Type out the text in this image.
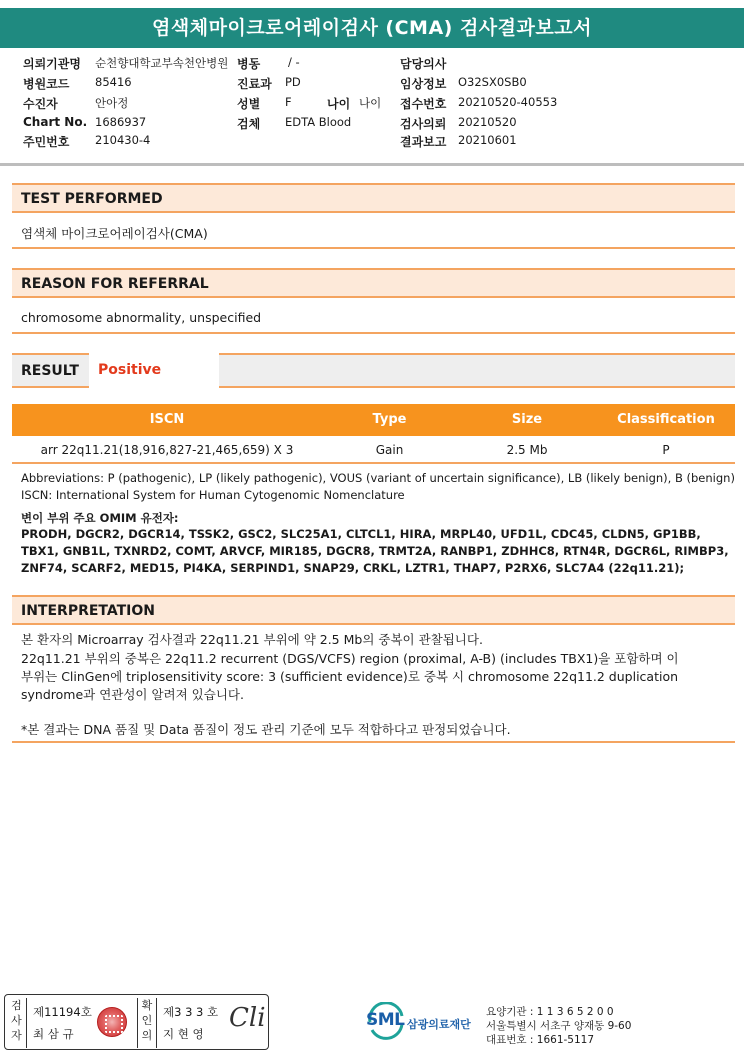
염색체마이크로어레이검사 (CMA) 검사결과보고서
의뢰기관명 순천향대학교부속천안병원 병동 / -	담당의사
병원코드 85416	진료과 PD	임상정보 O32SX0SB0
수진자	안아정	성별 F	나이 나이 접수번호 20210520-40553
Chart No. 1686937	검체 EDTA Blood	검사의뢰 20210520
주민번호 210430-4	결과보고 20210601
TEST PERFORMED
염색체 마이크로어레이검사(CMA)
REASON FOR REFERRAL
chromosome abnormality, unspecified
RESULT	Positive
ISCN	Type	Size	Classification
arr 22q11.21(18,916,827-21,465,659) X 3	Gain	2.5 Mb	P
Abbreviations: P (pathogenic), LP (likely pathogenic), VOUS (variant of uncertain significance), LB (likely benign), B (benign)
ISCN: International System for Human Cytogenomic Nomenclature
변이 부위 주요 OMIM 유전자:
PRODH, DGCR2, DGCR14, TSSK2, GSC2, SLC25A1, CLTCL1, HIRA, MRPL40, UFD1L, CDC45, CLDN5, GP1BB, TBX1, GNB1L, TXNRD2, COMT, ARVCF, MIR185, DGCR8, TRMT2A, RANBP1, ZDHHC8, RTN4R, DGCR6L, RIMBP3, ZNF74, SCARF2, MED15, PI4KA, SERPIND1, SNAP29, CRKL, LZTR1, THAP7, P2RX6, SLC7A4 (22q11.21);
INTERPRETATION
본 환자의 Microarray 검사결과 22q11.21 부위에 약 2.5 Mb의 중복이 관찰됩니다.
22q11.21 부위의 중복은 22q11.2 recurrent (DGS/VCFS) region (proximal, A-B) (includes TBX1)을 포함하며 이
부위는 ClinGen에 triplosensitivity score: 3 (sufficient evidence)로 중복 시 chromosome 22q11.2 duplication
syndrome과 연관성이 알려져 있습니다.
*본 결과는 DNA 품질 및 Data 품질이 정도 관리 기준에 모두 적합하다고 판정되었습니다.
검사자
제11194호
최 삼 규
확인의
제3 3 3 호
지 현 영
Cli	SML 삼광의료재단
요양기관 : 1 1 3 6 5 2 0 0
서울특별시 서초구 양재동 9-60
대표번호 : 1661-5117
